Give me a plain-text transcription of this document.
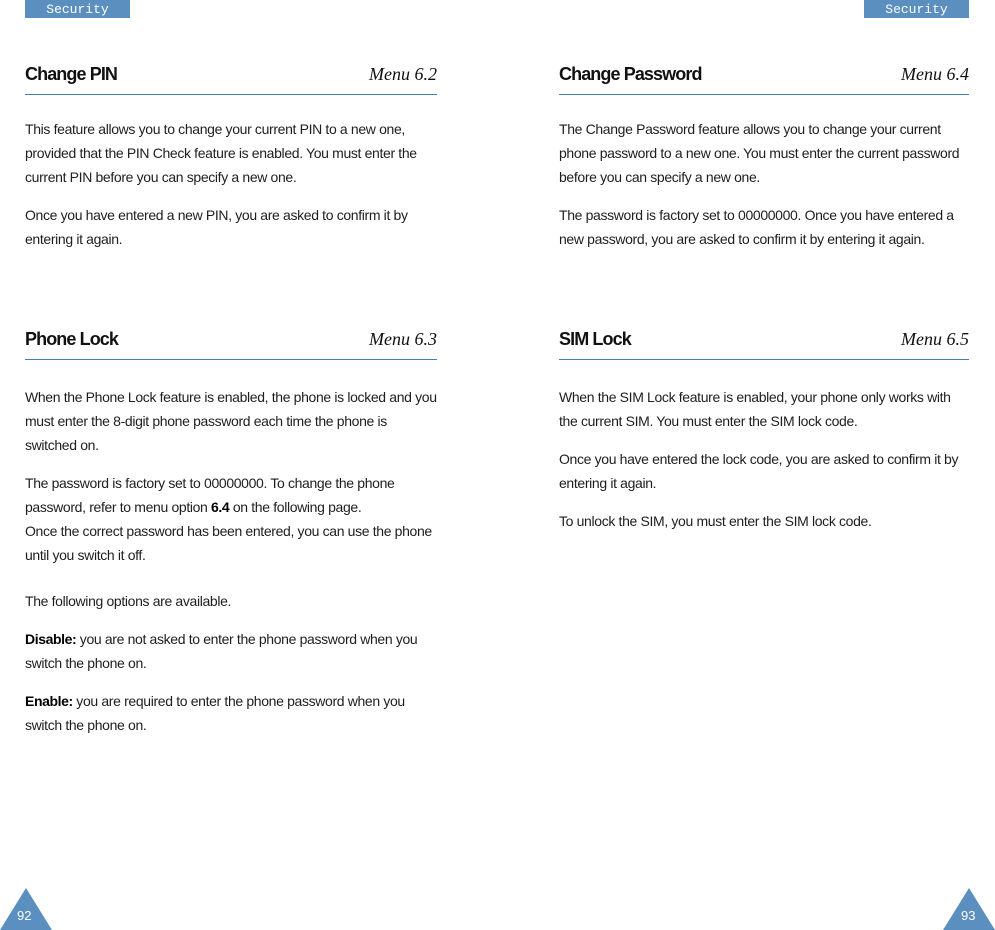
Security	Security
Change PIN	Menu 6.2

This feature allows you to change your current PIN to a new one, provided that the PIN Check feature is enabled. You must enter the current PIN before you can specify a new one.

Once you have entered a new PIN, you are asked to confirm it by entering it again.

Phone Lock	Menu 6.3

When the Phone Lock feature is enabled, the phone is locked and you must enter the 8-digit phone password each time the phone is switched on.

The password is factory set to 00000000. To change the phone password, refer to menu option 6.4 on the following page.
Once the correct password has been entered, you can use the phone until you switch it off.

The following options are available.

Disable: you are not asked to enter the phone password when you switch the phone on.

Enable: you are required to enter the phone password when you switch the phone on.

Change Password	Menu 6.4

The Change Password feature allows you to change your current phone password to a new one. You must enter the current password before you can specify a new one.

The password is factory set to 00000000. Once you have entered a new password, you are asked to confirm it by entering it again.

SIM Lock	Menu 6.5

When the SIM Lock feature is enabled, your phone only works with the current SIM. You must enter the SIM lock code.

Once you have entered the lock code, you are asked to confirm it by entering it again.

To unlock the SIM, you must enter the SIM lock code.

92	93
